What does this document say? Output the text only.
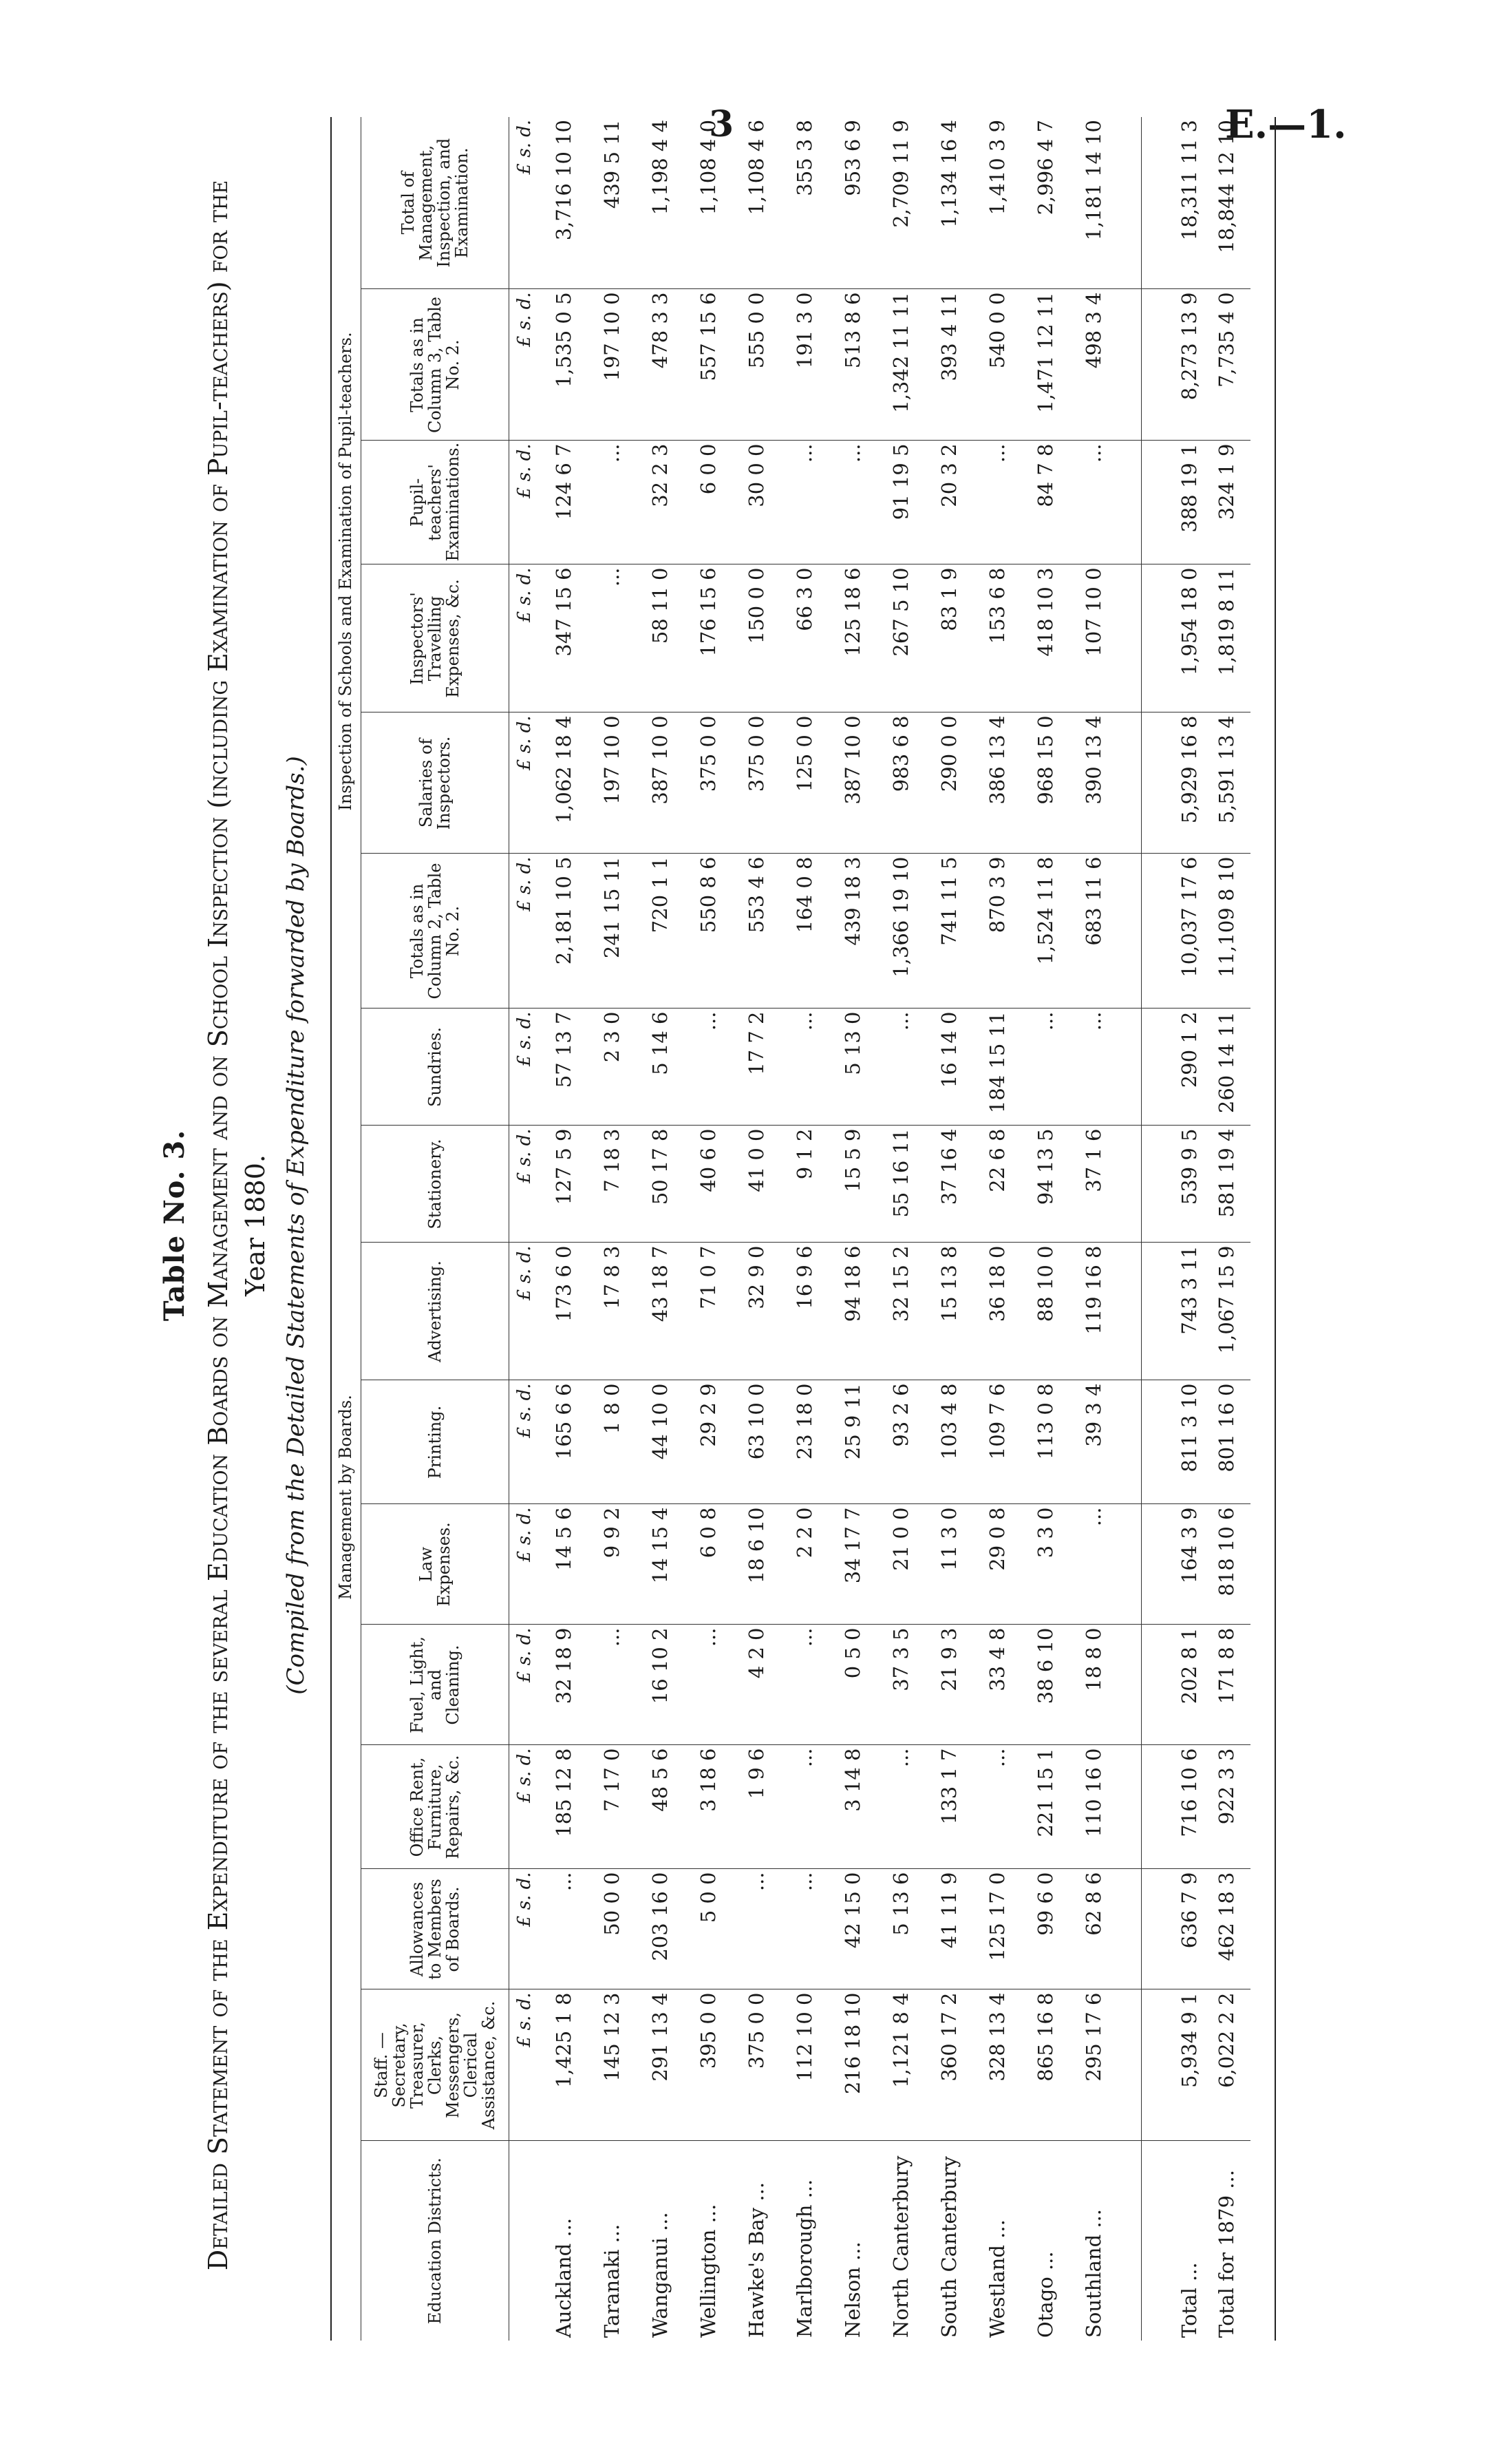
3	E.—1.
Table No. 3. Detailed Statement of the Expenditure of the several Education Boards on Management and on School Inspection (including Examination of Pupil-teachers) for the Year 1880. (Compiled from the Detailed Statements of Expenditure forwarded by Boards.)
	Management by Boards.										Inspection of Schools and Examination of Pupil-teachers.				
Education Districts.	Staff. — Secretary, Treasurer, Clerks, Messengers, Clerical Assistance, &c.	Allowances to Members of Boards.	Office Rent, Furniture, Repairs, &c.	Fuel, Light, and Cleaning.	Law Expenses.	Printing.	Advertising.	Stationery.	Sundries.	Totals as in Column 2, Table No. 2.	Salaries of Inspectors.	Inspectors' Travelling Expenses, &c.	Pupil-teachers' Examinations.	Totals as in Column 3, Table No. 2.	Total of Management, Inspection, and Examination.
	£ s. d.	£ s. d.	£ s. d.	£ s. d.	£ s. d.	£ s. d.	£ s. d.	£ s. d.	£ s. d.	£ s. d.	£ s. d.	£ s. d.	£ s. d.	£ s. d.	£ s. d.
Auckland ...	1,425 1 8	...	185 12 8	32 18 9	14 5 6	165 6 6	173 6 0	127 5 9	57 13 7	2,181 10 5	1,062 18 4	347 15 6	124 6 7	1,535 0 5	3,716 10 10
Taranaki ...	145 12 3	50 0 0	7 17 0	...	9 9 2	1 8 0	17 8 3	7 18 3	2 3 0	241 15 11	197 10 0	...	...	197 10 0	439 5 11
Wanganui ...	291 13 4	203 16 0	48 5 6	16 10 2	14 15 4	44 10 0	43 18 7	50 17 8	5 14 6	720 1 1	387 10 0	58 11 0	32 2 3	478 3 3	1,198 4 4
Wellington ...	395 0 0	5 0 0	3 18 6	...	6 0 8	29 2 9	71 0 7	40 6 0	...	550 8 6	375 0 0	176 15 6	6 0 0	557 15 6	1,108 4 0
Hawke's Bay ...	375 0 0	...	1 9 6	4 2 0	18 6 10	63 10 0	32 9 0	41 0 0	17 7 2	553 4 6	375 0 0	150 0 0	30 0 0	555 0 0	1,108 4 6
Marlborough ...	112 10 0	...	...	...	2 2 0	23 18 0	16 9 6	9 1 2	...	164 0 8	125 0 0	66 3 0	...	191 3 0	355 3 8
Nelson ...	216 18 10	42 15 0	3 14 8	0 5 0	34 17 7	25 9 11	94 18 6	15 5 9	5 13 0	439 18 3	387 10 0	125 18 6	...	513 8 6	953 6 9
North Canterbury	1,121 8 4	5 13 6	...	37 3 5	21 0 0	93 2 6	32 15 2	55 16 11	...	1,366 19 10	983 6 8	267 5 10	91 19 5	1,342 11 11	2,709 11 9
South Canterbury	360 17 2	41 11 9	133 1 7	21 9 3	11 3 0	103 4 8	15 13 8	37 16 4	16 14 0	741 11 5	290 0 0	83 1 9	20 3 2	393 4 11	1,134 16 4
Westland ...	328 13 4	125 17 0	...	33 4 8	29 0 8	109 7 6	36 18 0	22 6 8	184 15 11	870 3 9	386 13 4	153 6 8	...	540 0 0	1,410 3 9
Otago ...	865 16 8	99 6 0	221 15 1	38 6 10	3 3 0	113 0 8	88 10 0	94 13 5	...	1,524 11 8	968 15 0	418 10 3	84 7 8	1,471 12 11	2,996 4 7
Southland ...	295 17 6	62 8 6	110 16 0	18 8 0	...	39 3 4	119 16 8	37 1 6	...	683 11 6	390 13 4	107 10 0	...	498 3 4	1,181 14 10

Total ...	5,934 9 1	636 7 9	716 10 6	202 8 1	164 3 9	811 3 10	743 3 11	539 9 5	290 1 2	10,037 17 6	5,929 16 8	1,954 18 0	388 19 1	8,273 13 9	18,311 11 3
Total for 1879 ...	6,022 2 2	462 18 3	922 3 3	171 8 8	818 10 6	801 16 0	1,067 15 9	581 19 4	260 14 11	11,109 8 10	5,591 13 4	1,819 8 11	324 1 9	7,735 4 0	18,844 12 10
